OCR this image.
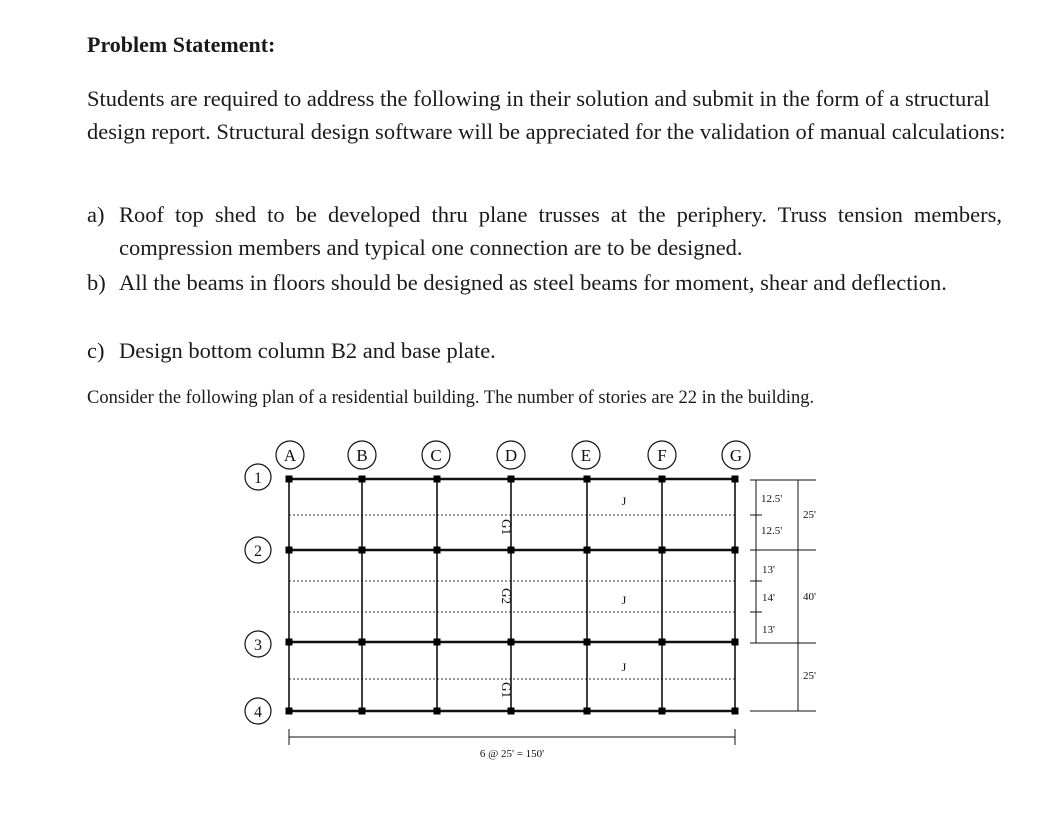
Problem Statement:

Students are required to address the following in their solution and submit in the form of a structural design report. Structural design software will be appreciated for the validation of manual calculations:

a) Roof top shed to be developed thru plane trusses at the periphery. Truss tension members, compression members and typical one connection are to be designed.
b) All the beams in floors should be designed as steel beams for moment, shear and deflection.
c) Design bottom column B2 and base plate.

Consider the following plan of a residential building. The number of stories are 22 in the building.

A	B	C	D	E	F	G
1
2
3
4
G1
G2
G1
J
J
J
12.5'
12.5'
13'
14'
13'
25'
40'
25'
6 @ 25' = 150'
